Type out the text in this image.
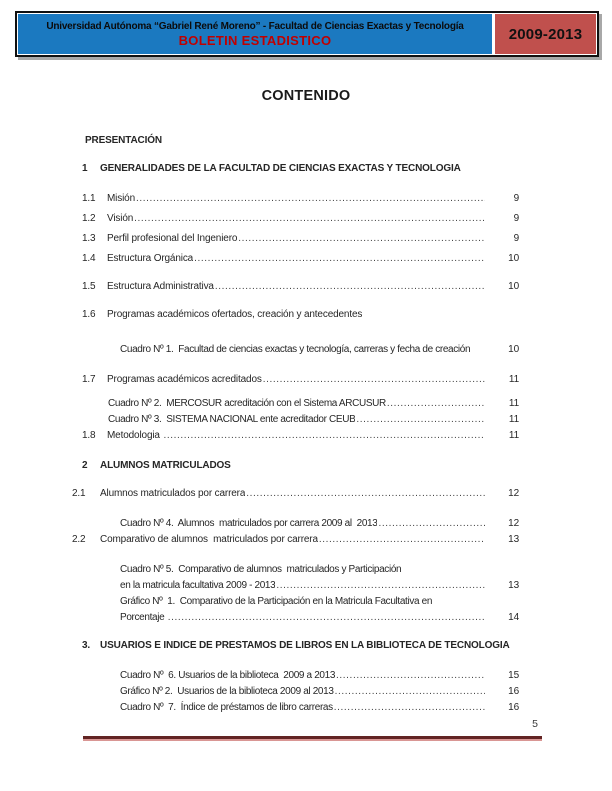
Universidad Autónoma “Gabriel René Moreno” - Facultad de Ciencias Exactas y Tecnología
BOLETIN ESTADISTICO	2009-2013
CONTENIDO
PRESENTACIÓN
1	GENERALIDADES DE LA FACULTAD DE CIENCIAS EXACTAS Y TECNOLOGIA
1.1	Misión .....	9
1.2	Visión .....	9
1.3	Perfil profesional del Ingeniero .....	9
1.4	Estructura Orgánica .....	10
1.5	Estructura Administrativa .....	10
1.6	Programas académicos ofertados, creación y antecedentes
Cuadro Nº 1.  Facultad de ciencias exactas y tecnología, carreras y fecha de creación	10
1.7	Programas académicos acreditados .....	11
Cuadro Nº 2.  MERCOSUR acreditación con el Sistema ARCUSUR .....	11
Cuadro Nº 3.  SISTEMA NACIONAL ente acreditador CEUB .....	11
1.8	Metodologia .....	11
2	ALUMNOS MATRICULADOS
2.1	Alumnos matriculados por carrera .....	12
Cuadro Nº 4.  Alumnos  matriculados por carrera 2009 al  2013 .....	12
2.2	Comparativo de alumnos  matriculados por carrera .....	13
Cuadro Nº 5.  Comparativo de alumnos  matriculados y Participación
en la matricula facultativa 2009 - 2013 .....	13
Gráfico Nº  1.  Comparativo de la Participación en la Matricula Facultativa en
Porcentaje .....	14
3. USUARIOS E INDICE DE PRESTAMOS DE LIBROS EN LA BIBLIOTECA DE TECNOLOGIA
Cuadro Nº  6. Usuarios de la biblioteca  2009 a 2013 .....	15
Gráfico Nº 2.  Usuarios de la biblioteca 2009 al 2013 .....	16
Cuadro Nº  7.  Índice de préstamos de libro carreras .....	16
5
